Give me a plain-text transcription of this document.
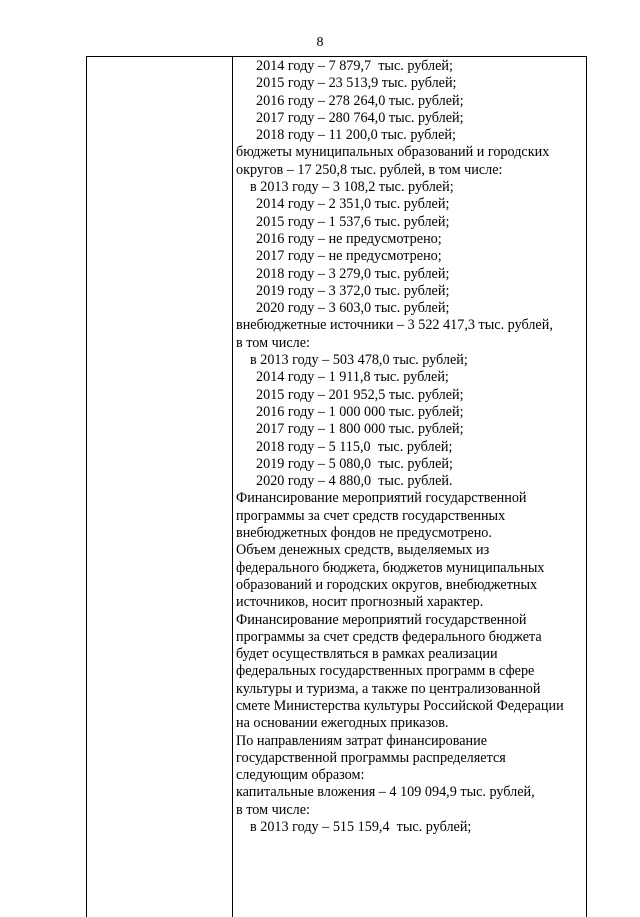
8

2014 году – 7 879,7  тыс. рублей;

2015 году – 23 513,9 тыс. рублей;

2016 году – 278 264,0 тыс. рублей;

2017 году – 280 764,0 тыс. рублей;

2018 году – 11 200,0 тыс. рублей;

бюджеты муниципальных образований и городских

округов – 17 250,8 тыс. рублей, в том числе:

в 2013 году – 3 108,2 тыс. рублей;

2014 году – 2 351,0 тыс. рублей;

2015 году – 1 537,6 тыс. рублей;

2016 году – не предусмотрено;

2017 году – не предусмотрено;

2018 году – 3 279,0 тыс. рублей;

2019 году – 3 372,0 тыс. рублей;

2020 году – 3 603,0 тыс. рублей;

внебюджетные источники – 3 522 417,3 тыс. рублей,

в том числе:

в 2013 году – 503 478,0 тыс. рублей;

2014 году – 1 911,8 тыс. рублей;

2015 году – 201 952,5 тыс. рублей;

2016 году – 1 000 000 тыс. рублей;

2017 году – 1 800 000 тыс. рублей;

2018 году – 5 115,0  тыс. рублей;

2019 году – 5 080,0  тыс. рублей;

2020 году – 4 880,0  тыс. рублей.

Финансирование мероприятий государственной

программы за счет средств государственных

внебюджетных фондов не предусмотрено.

Объем денежных средств, выделяемых из

федерального бюджета, бюджетов муниципальных

образований и городских округов, внебюджетных

источников, носит прогнозный характер.

Финансирование мероприятий государственной

программы за счет средств федерального бюджета

будет осуществляться в рамках реализации

федеральных государственных программ в сфере

культуры и туризма, а также по централизованной

смете Министерства культуры Российской Федерации

на основании ежегодных приказов.

По направлениям затрат финансирование

государственной программы распределяется

следующим образом:

капитальные вложения – 4 109 094,9 тыс. рублей,

в том числе:

в 2013 году – 515 159,4  тыс. рублей;
